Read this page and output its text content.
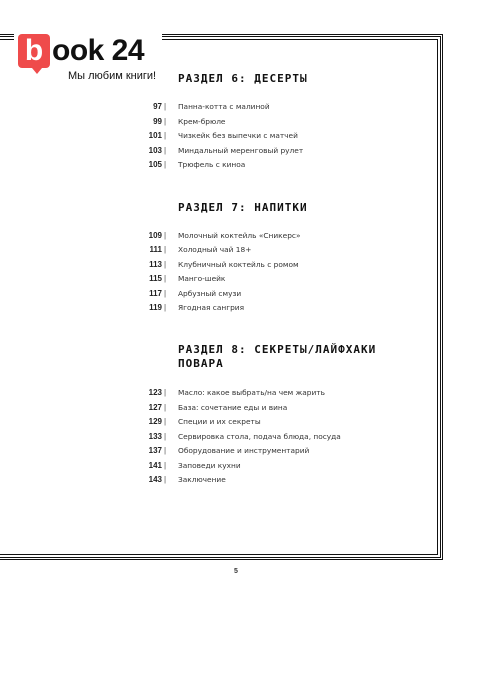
b ook 24
Мы любим книги! РАЗДЕЛ 6: ДЕСЕРТЫ
97 | Панна-котта с малиной
99 | Крем-брюле
101 | Чизкейк без выпечки с матчей
103 | Миндальный меренговый рулет
105 | Трюфель с киноа
РАЗДЕЛ 7: НАПИТКИ
109 | Молочный коктейль «Сникерс»
111 | Холодный чай 18+
113 | Клубничный коктейль с ромом
115 | Манго-шейк
117 | Арбузный смузи
119 | Ягодная сангрия
РАЗДЕЛ 8: СЕКРЕТЫ/ЛАЙФХАКИ
ПОВАРА
123 | Масло: какое выбрать/на чем жарить
127 | База: сочетание еды и вина
129 | Специи и их секреты
133 | Сервировка стола, подача блюда, посуда
137 | Оборудование и инструментарий
141 | Заповеди кухни
143 | Заключение
5
